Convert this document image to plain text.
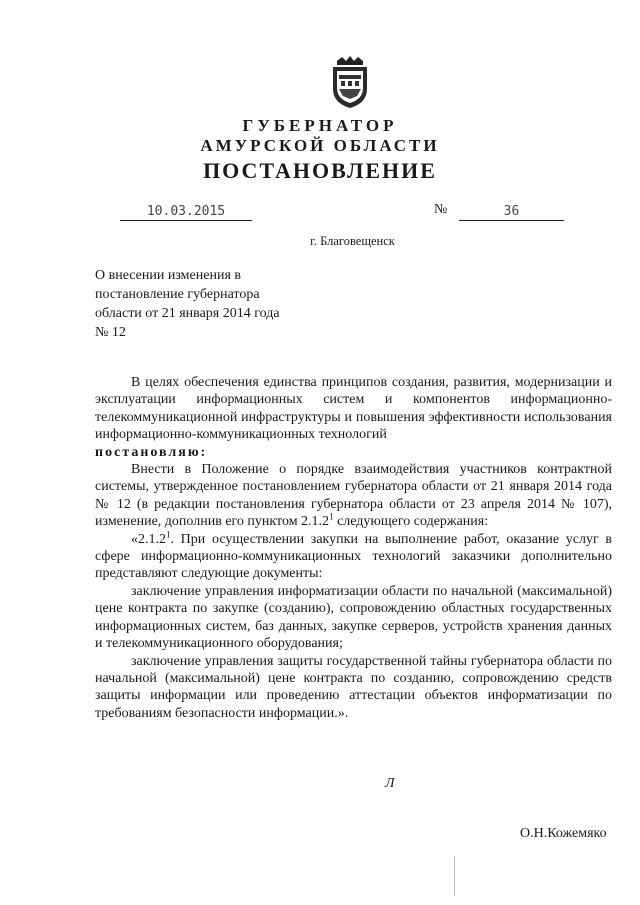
ГУБЕРНАТОР
АМУРСКОЙ ОБЛАСТИ
ПОСТАНОВЛЕНИЕ
10.03.2015	№	36
г. Благовещенск
О внесении изменения в
постановление губернатора
области от 21 января 2014 года
№ 12

В целях обеспечения единства принципов создания, развития, модернизации и эксплуатации информационных систем и компонентов информационно-телекоммуникационной инфраструктуры и повышения эффективности использования информационно-коммуникационных технологий

постановляю:

Внести в Положение о порядке взаимодействия участников контрактной системы, утвержденное постановлением губернатора области от 21 января 2014 года № 12 (в редакции постановления губернатора области от 23 апреля 2014 № 107), изменение, дополнив его пунктом 2.1.2$^1$ следующего содержания:

«2.1.2$^1$. При осуществлении закупки на выполнение работ, оказание услуг в сфере информационно-коммуникационных технологий заказчики дополнительно представляют следующие документы:

заключение управления информатизации области по начальной (максимальной) цене контракта по закупке (созданию), сопровождению областных государственных информационных систем, баз данных, закупке серверов, устройств хранения данных и телекоммуникационного оборудования;

заключение управления защиты государственной тайны губернатора области по начальной (максимальной) цене контракта по созданию, сопровождению средств защиты информации или проведению аттестации объектов информатизации по требованиям безопасности информации.».

Л
О.Н.Кожемяко
